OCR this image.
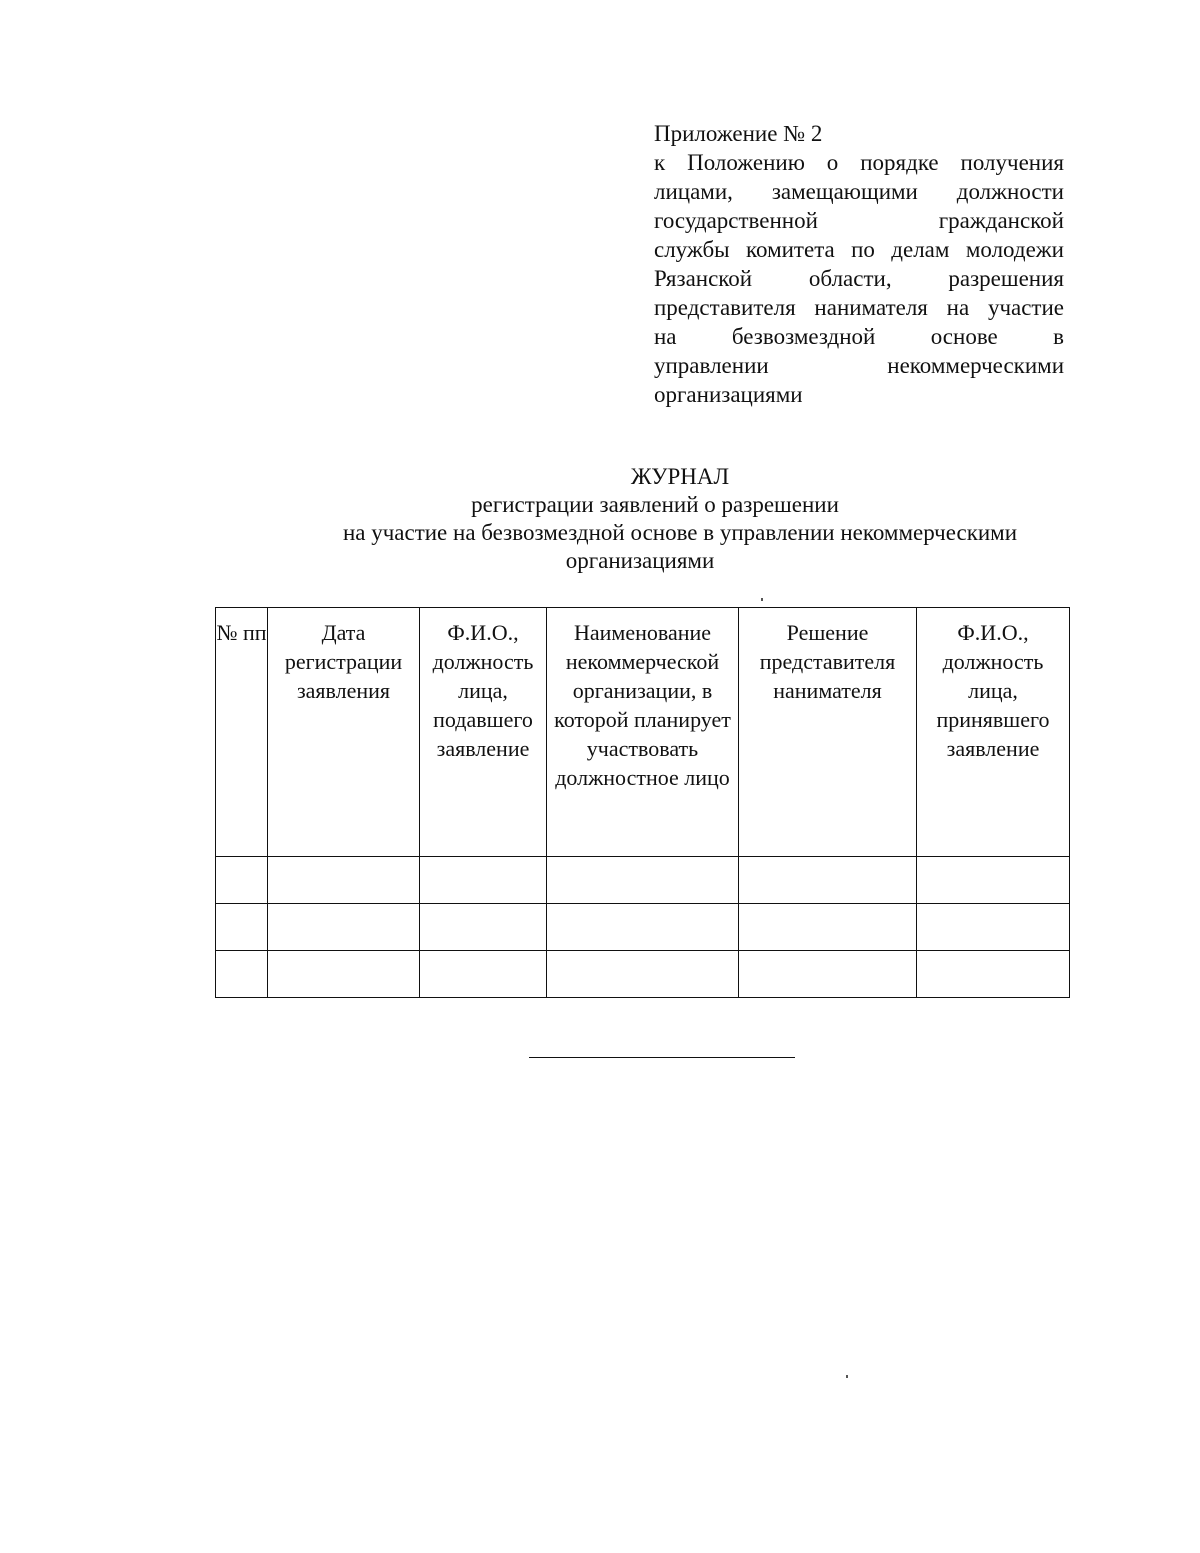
Приложение № 2
к Положению о порядке получения
лицами, замещающими должности
государственной гражданской
службы комитета по делам молодежи
Рязанской области, разрешения
представителя нанимателя на участие
на безвозмездной основе в
управлении некоммерческими
организациями
ЖУРНАЛ
регистрации заявлений о разрешении
на участие на безвозмездной основе в управлении некоммерческими
организациями
№ пп	Дата регистрации заявления	Ф.И.О., должность лица, подавшего заявление	Наименование некоммерческой организации, в которой планирует участвовать должностное лицо	Решение представителя нанимателя	Ф.И.О., должность лица, принявшего заявление
